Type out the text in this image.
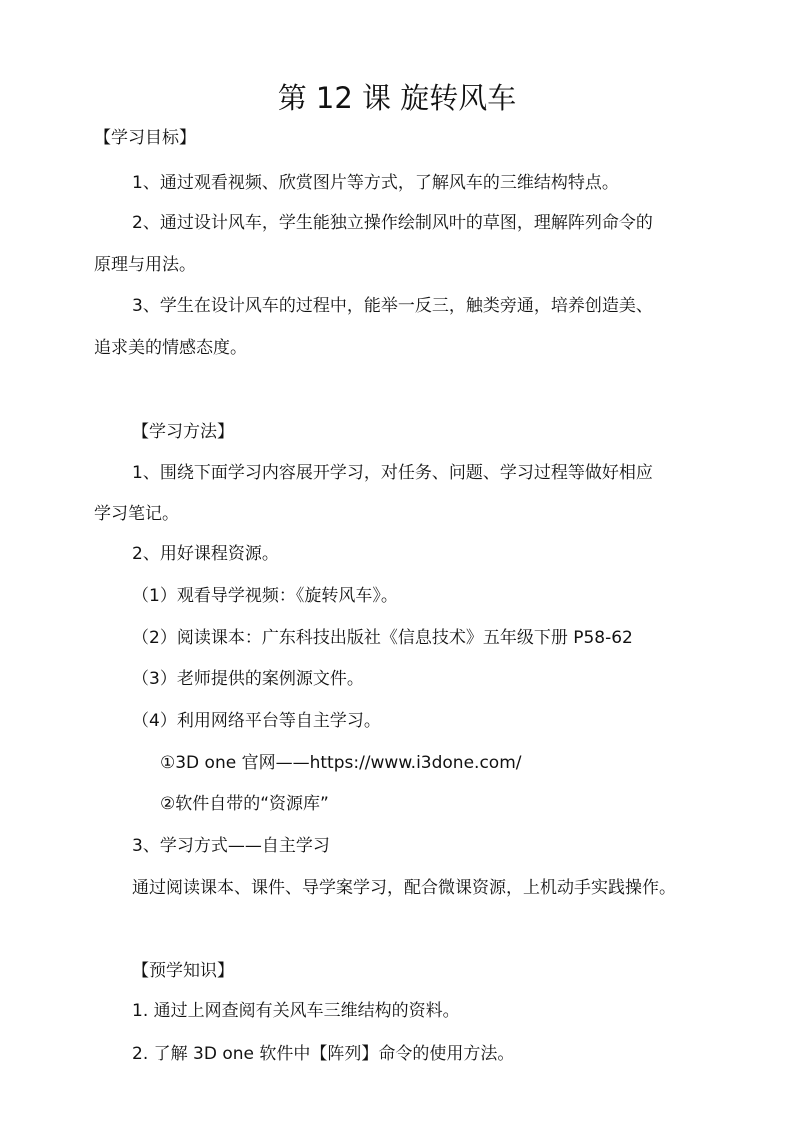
第 12 课 旋转风车
【学习目标】
1、通过观看视频、欣赏图片等方式，了解风车的三维结构特点。
2、通过设计风车，学生能独立操作绘制风叶的草图，理解阵列命令的
原理与用法。
3、学生在设计风车的过程中，能举一反三，触类旁通，培养创造美、
追求美的情感态度。
【学习方法】
1、围绕下面学习内容展开学习，对任务、问题、学习过程等做好相应
学习笔记。
2、用好课程资源。
（1）观看导学视频：《旋转风车》。
（2）阅读课本：广东科技出版社《信息技术》五年级下册 P58-62
（3）老师提供的案例源文件。
（4）利用网络平台等自主学习。
①3D one 官网——https://www.i3done.com/
②软件自带的“资源库”
3、学习方式——自主学习
通过阅读课本、课件、导学案学习，配合微课资源，上机动手实践操作。
【预学知识】
1. 通过上网查阅有关风车三维结构的资料。
2. 了解 3D one 软件中【阵列】命令的使用方法。
